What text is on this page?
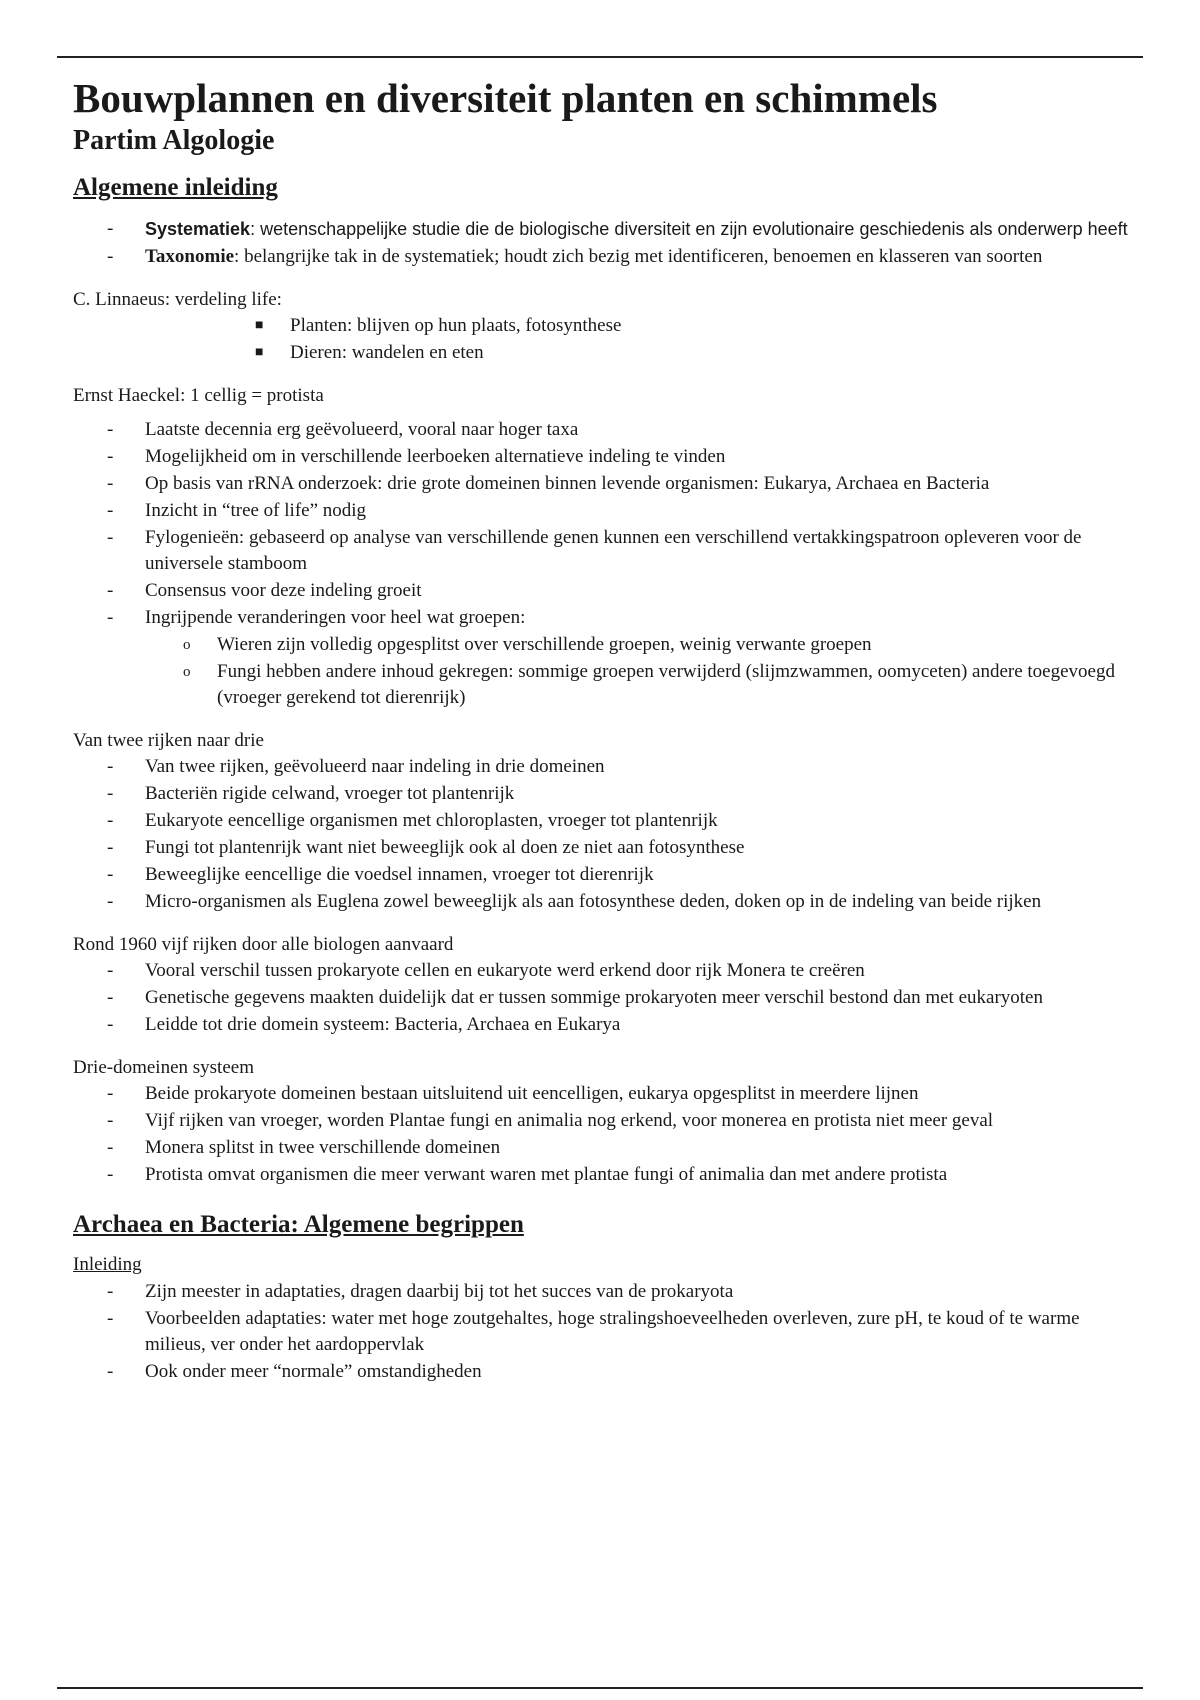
Bouwplannen en diversiteit planten en schimmels
Partim Algologie
Algemene inleiding
- Systematiek: wetenschappelijke studie die de biologische diversiteit en zijn evolutionaire geschiedenis als onderwerp heeft
- Taxonomie: belangrijke tak in de systematiek; houdt zich bezig met identificeren, benoemen en klasseren van soorten

C. Linnaeus: verdeling life:

■ Planten: blijven op hun plaats, fotosynthese
■ Dieren: wandelen en eten

Ernst Haeckel: 1 cellig = protista

- Laatste decennia erg geëvolueerd, vooral naar hoger taxa
- Mogelijkheid om in verschillende leerboeken alternatieve indeling te vinden
- Op basis van rRNA onderzoek: drie grote domeinen binnen levende organismen: Eukarya, Archaea en Bacteria
- Inzicht in “tree of life” nodig
- Fylogenieën: gebaseerd op analyse van verschillende genen kunnen een verschillend vertakkingspatroon opleveren voor de universele stamboom
- Consensus voor deze indeling groeit
- Ingrijpende veranderingen voor heel wat groepen:
o Wieren zijn volledig opgesplitst over verschillende groepen, weinig verwante groepen
o Fungi hebben andere inhoud gekregen: sommige groepen verwijderd (slijmzwammen, oomyceten) andere toegevoegd (vroeger gerekend tot dierenrijk)

Van twee rijken naar drie

- Van twee rijken, geëvolueerd naar indeling in drie domeinen
- Bacteriën rigide celwand, vroeger tot plantenrijk
- Eukaryote eencellige organismen met chloroplasten, vroeger tot plantenrijk
- Fungi tot plantenrijk want niet beweeglijk ook al doen ze niet aan fotosynthese
- Beweeglijke eencellige die voedsel innamen, vroeger tot dierenrijk
- Micro-organismen als Euglena zowel beweeglijk als aan fotosynthese deden, doken op in de indeling van beide rijken

Rond 1960 vijf rijken door alle biologen aanvaard

- Vooral verschil tussen prokaryote cellen en eukaryote werd erkend door rijk Monera te creëren
- Genetische gegevens maakten duidelijk dat er tussen sommige prokaryoten meer verschil bestond dan met eukaryoten
- Leidde tot drie domein systeem: Bacteria, Archaea en Eukarya

Drie-domeinen systeem

- Beide prokaryote domeinen bestaan uitsluitend uit eencelligen, eukarya opgesplitst in meerdere lijnen
- Vijf rijken van vroeger, worden Plantae fungi en animalia nog erkend, voor monerea en protista niet meer geval
- Monera splitst in twee verschillende domeinen
- Protista omvat organismen die meer verwant waren met plantae fungi of animalia dan met andere protista
Archaea en Bacteria: Algemene begrippen
Inleiding
- Zijn meester in adaptaties, dragen daarbij bij tot het succes van de prokaryota
- Voorbeelden adaptaties: water met hoge zoutgehaltes, hoge stralingshoeveelheden overleven, zure pH, te koud of te warme milieus, ver onder het aardoppervlak
- Ook onder meer “normale” omstandigheden
